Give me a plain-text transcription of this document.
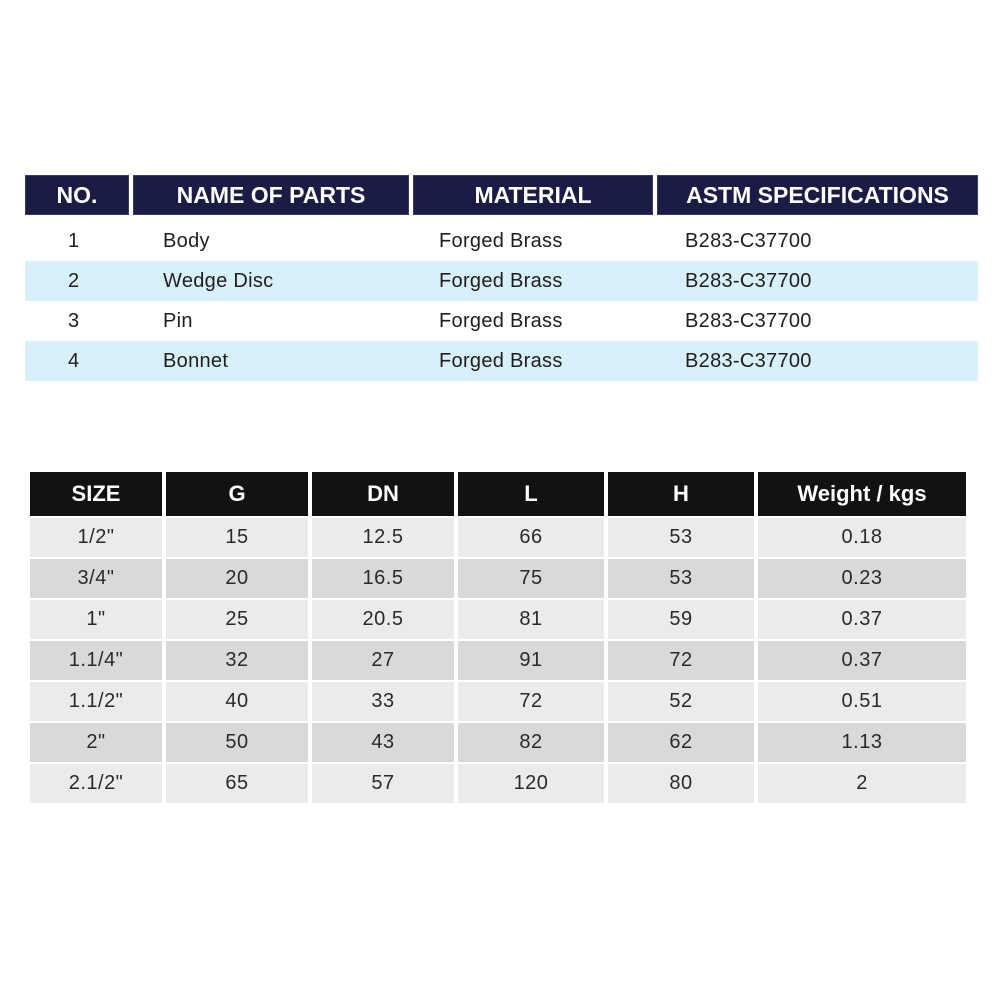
NO.	NAME OF PARTS	MATERIAL	ASTM SPECIFICATIONS

1	Body	Forged Brass	B283-C37700
2	Wedge Disc	Forged Brass	B283-C37700
3	Pin	Forged Brass	B283-C37700
4	Bonnet	Forged Brass	B283-C37700
SIZE	G	DN	L	H	Weight / kgs
1/2"	15	12.5	66	53	0.18
3/4"	20	16.5	75	53	0.23
1"	25	20.5	81	59	0.37
1.1/4"	32	27	91	72	0.37
1.1/2"	40	33	72	52	0.51
2"	50	43	82	62	1.13
2.1/2"	65	57	120	80	2
